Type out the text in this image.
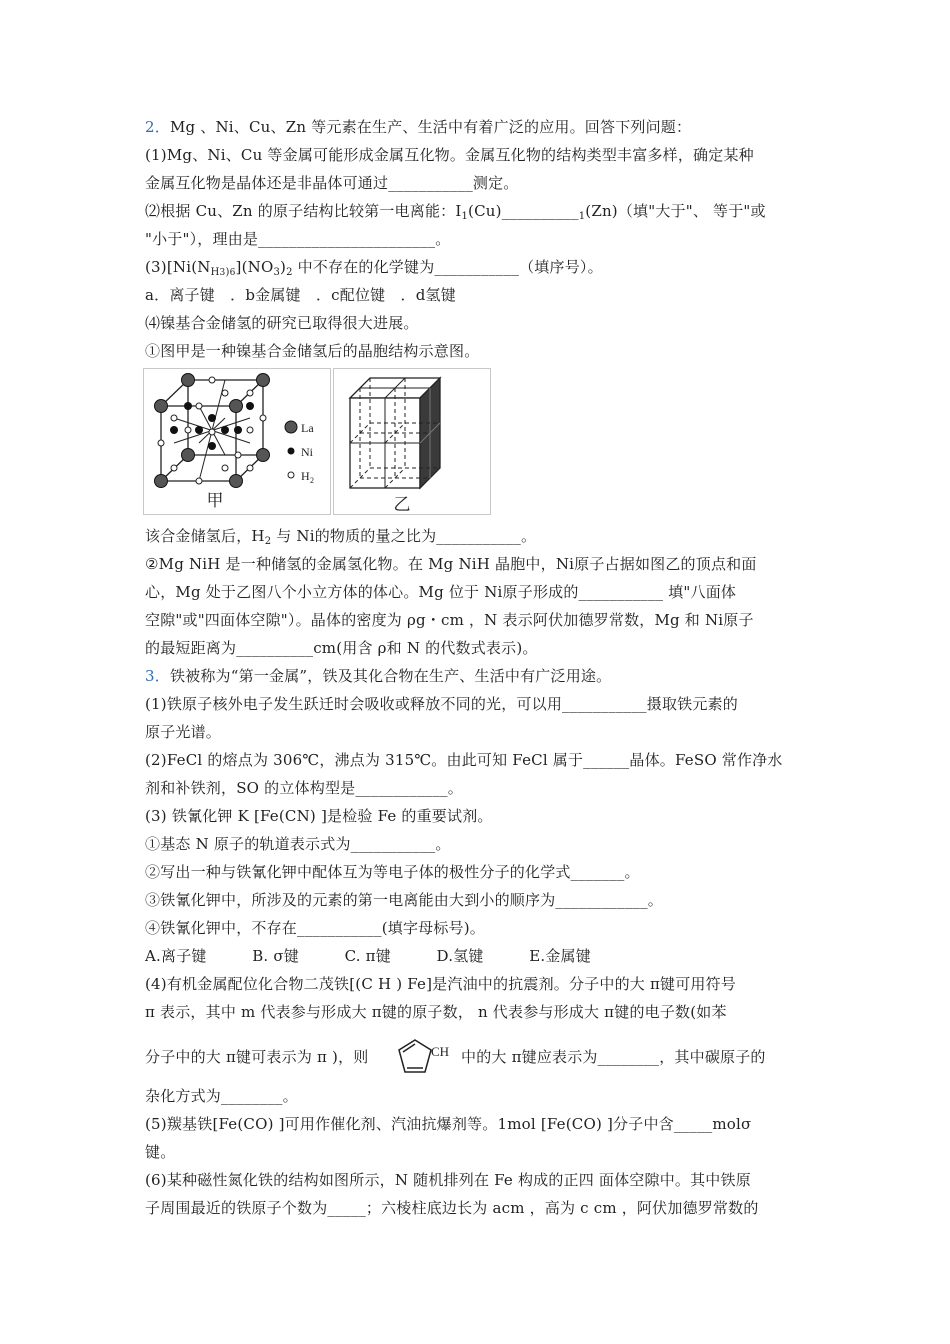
2．Mg 、Ni、Cu、Zn 等元素在生产、生活中有着广泛的应用。回答下列问题：
(1)Mg、Ni、Cu 等金属可能形成金属互化物。金属互化物的结构类型丰富多样，确定某种
金属互化物是晶体还是非晶体可通过___________测定。
⑵根据 Cu、Zn 的原子结构比较第一电离能：$I_1(Cu)\_\_\_\_\_\_\_\_\_\__1(Zn)$（填"大于"、 等于"或
"小于"），理由是_______________________。
$(3)[Ni(N_{H3)6}](NO_3)_2$ 中不存在的化学键为___________（填序号）。
a．离子键　．b金属键　．c配位键　．d氢键
⑷镍基合金储氢的研究已取得很大进展。
①图甲是一种镍基合金储氢后的晶胞结构示意图。
La
Ni
H 2
甲	乙
该合金储氢后，$H_2$ 与 Ni的物质的量之比为___________。
②Mg NiH 是一种储氢的金属氢化物。在 Mg NiH 晶胞中，Ni原子占据如图乙的顶点和面
心，Mg 处于乙图八个小立方体的体心。Mg 位于 Ni原子形成的___________ 填"八面体
空隙"或"四面体空隙"）。晶体的密度为 ρg・cm ，N 表示阿伏加德罗常数，Mg 和 Ni原子
的最短距离为__________cm(用含 ρ和 N 的代数式表示)。
3．铁被称为“第一金属”，铁及其化合物在生产、生活中有广泛用途。
(1)铁原子核外电子发生跃迁时会吸收或释放不同的光，可以用___________摄取铁元素的
原子光谱。
(2)FeCl 的熔点为 306℃，沸点为 315℃。由此可知 FeCl 属于______晶体。FeSO 常作净水
剂和补铁剂，SO 的立体构型是____________。
(3) 铁氰化钾 K [Fe(CN) ]是检验 Fe 的重要试剂。
①基态 N 原子的轨道表示式为___________。
②写出一种与铁氰化钾中配体互为等电子体的极性分子的化学式_______。
③铁氰化钾中，所涉及的元素的第一电离能由大到小的顺序为____________。
④铁氰化钾中，不存在___________(填字母标号)。
A.离子键　　　B. σ键　　　C. π键　　　D.氢键　　　E.金属键
(4)有机金属配位化合物二茂铁[(C H ) Fe]是汽油中的抗震剂。分子中的大 π键可用符号
π 表示，其中 m 代表参与形成大 π键的原子数， n 代表参与形成大 π键的电子数(如苯
分子中的大 π键可表示为 π )，则	CH 中的大 π键应表示为________，其中碳原子的
杂化方式为________。
(5)羰基铁[Fe(CO) ]可用作催化剂、汽油抗爆剂等。1mol [Fe(CO) ]分子中含_____molσ
键。
(6)某种磁性氮化铁的结构如图所示，N 随机排列在 Fe 构成的正四 面体空隙中。其中铁原
子周围最近的铁原子个数为_____；六棱柱底边长为 acm ，高为 c cm ，阿伏加德罗常数的
